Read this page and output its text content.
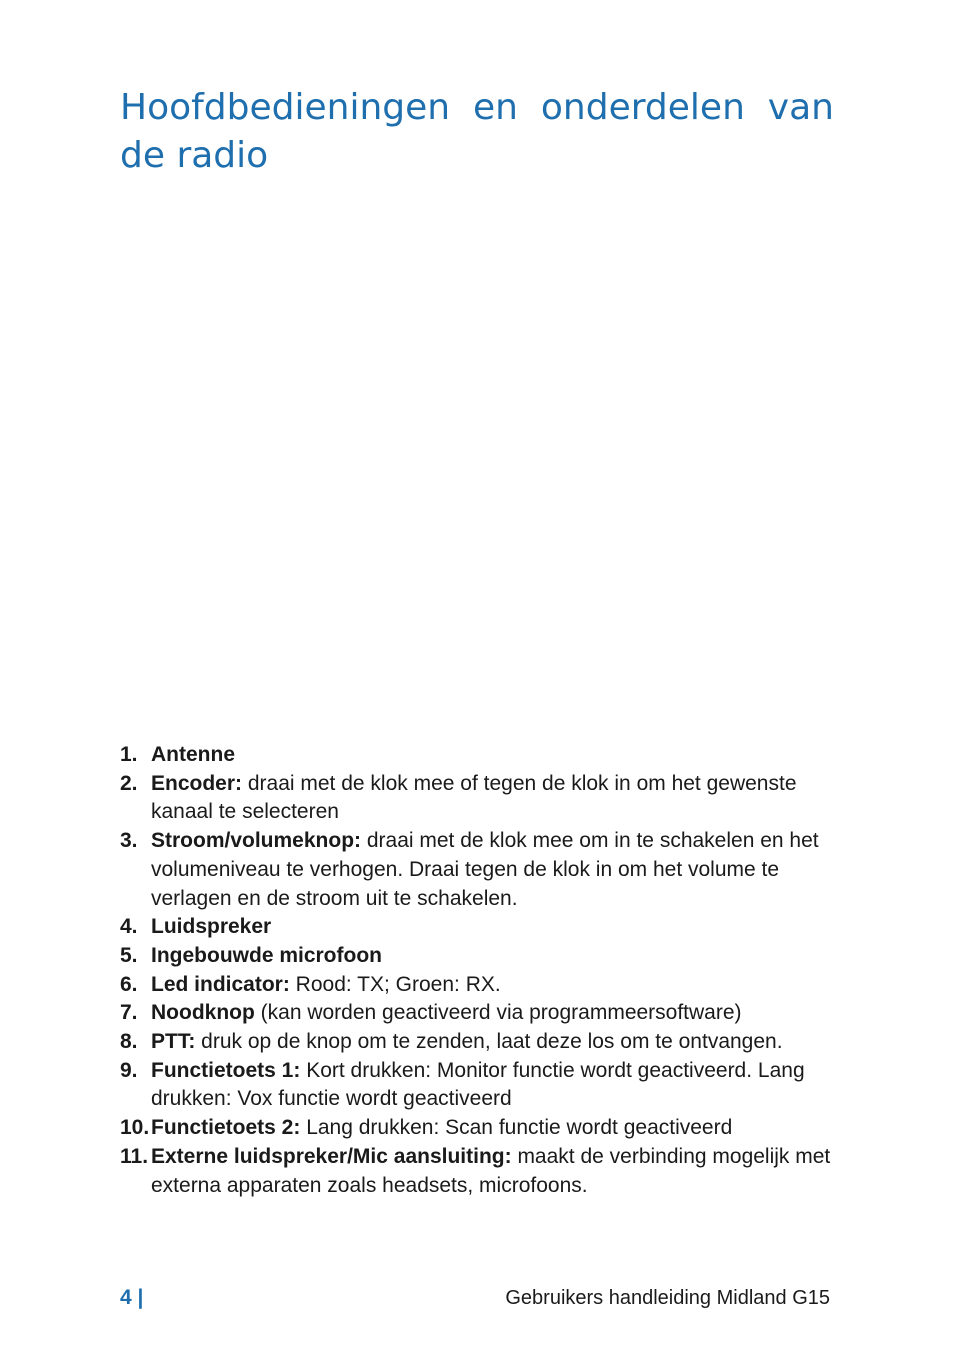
Hoofdbedieningen en onderdelen van de radio
1. Antenne
2. Encoder: draai met de klok mee of tegen de klok in om het gewenste kanaal te selecteren
3. Stroom/volumeknop: draai met de klok mee om in te schakelen en het volumeniveau te verhogen. Draai tegen de klok in om het volume te verlagen en de stroom uit te schakelen.
4. Luidspreker
5. Ingebouwde microfoon
6. Led indicator: Rood: TX; Groen: RX.
7. Noodknop (kan worden geactiveerd via programmeersoftware)
8. PTT: druk op de knop om te zenden, laat deze los om te ontvangen.
9. Functietoets 1: Kort drukken: Monitor functie wordt geactiveerd. Lang drukken: Vox functie wordt geactiveerd
10. Functietoets 2: Lang drukken: Scan functie wordt geactiveerd
11. Externe luidspreker/Mic aansluiting: maakt de verbinding mogelijk met externa apparaten zoals headsets, microfoons.
4 |	Gebruikers handleiding Midland G15
